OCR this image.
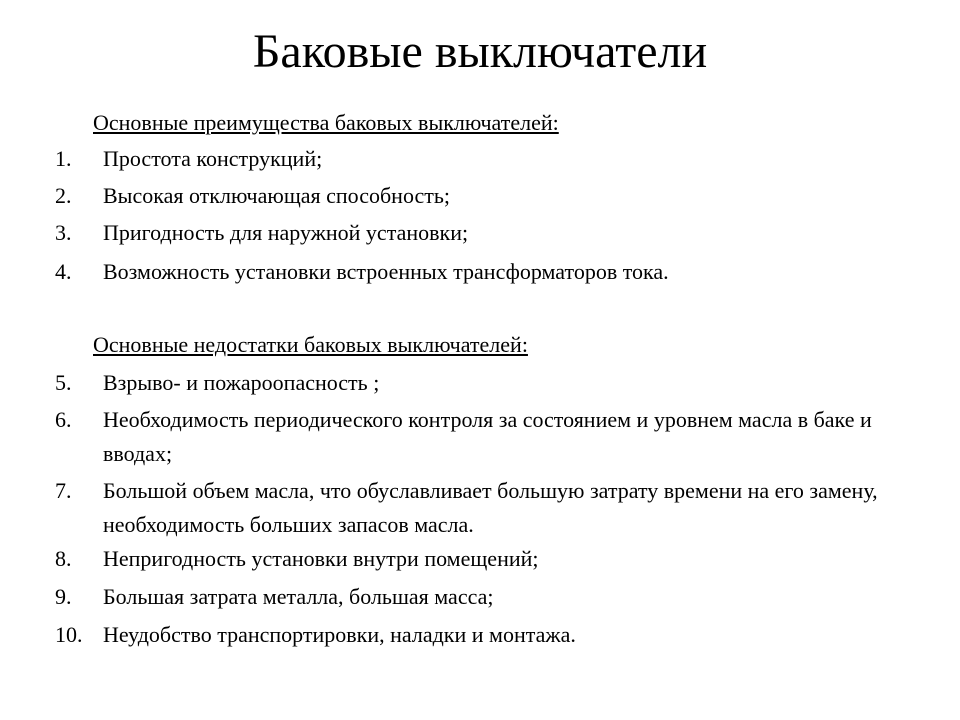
Баковые выключатели
Основные преимущества баковых выключателей:
1. Простота конструкций;
2. Высокая отключающая способность;
3. Пригодность для наружной установки;
4. Возможность установки встроенных трансформаторов тока.
Основные недостатки баковых выключателей:
5. Взрыво- и пожароопасность ;
6. Необходимость периодического контроля за состоянием и уровнем масла в баке и вводах;
7. Большой объем масла, что обуславливает большую затрату времени на его замену, необходимость больших запасов масла.
8. Непригодность установки внутри помещений;
9. Большая затрата металла, большая масса;
10. Неудобство транспортировки, наладки и монтажа.
